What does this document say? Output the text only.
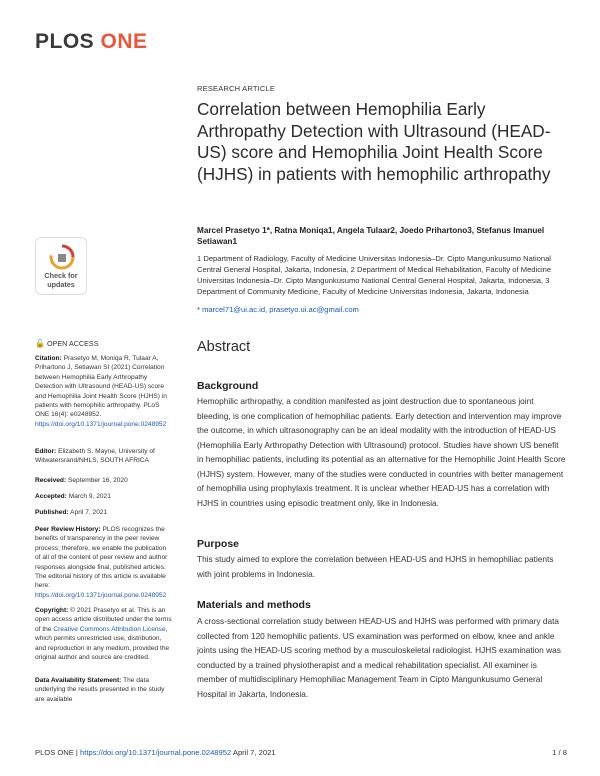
PLOS ONE
RESEARCH ARTICLE
Correlation between Hemophilia Early Arthropathy Detection with Ultrasound (HEAD-US) score and Hemophilia Joint Health Score (HJHS) in patients with hemophilic arthropathy
Marcel Prasetyo 1*, Ratna Moniqa1, Angela Tulaar2, Joedo Prihartono3, Stefanus Imanuel Setiawan1
1 Department of Radiology, Faculty of Medicine Universitas Indonesia–Dr. Cipto Mangunkusumo National Central General Hospital, Jakarta, Indonesia, 2 Department of Medical Rehabilitation, Faculty of Medicine Universitas Indonesia–Dr. Cipto Mangunkusumo National Central General Hospital, Jakarta, Indonesia, 3 Department of Community Medicine, Faculty of Medicine Universitas Indonesia, Jakarta, Indonesia
* marcel71@ui.ac.id, prasetyo.ui.ac@gmail.com
Check for
updates
🔓 OPEN ACCESS
Citation: Prasetyo M, Moniqa R, Tulaar A, Prihartono J, Setiawan SI (2021) Correlation between Hemophilia Early Arthropathy Detection with Ultrasound (HEAD-US) score and Hemophilia Joint Health Score (HJHS) in patients with hemophilic arthropathy. PLoS ONE 16(4): e0248952. https://doi.org/10.1371/journal.pone.0248952
Editor: Elizabeth S. Mayne, University of Witwatersrand/NHLS, SOUTH AFRICA
Received: September 16, 2020
Accepted: March 9, 2021
Published: April 7, 2021
Peer Review History: PLOS recognizes the benefits of transparency in the peer review process; therefore, we enable the publication of all of the content of peer review and author responses alongside final, published articles. The editorial history of this article is available here: https://doi.org/10.1371/journal.pone.0248952
Copyright: © 2021 Prasetyo et al. This is an open access article distributed under the terms of the Creative Commons Attribution License, which permits unrestricted use, distribution, and reproduction in any medium, provided the original author and source are credited.
Data Availability Statement: The data underlying the results presented in the study are available
Abstract
Background
Hemophilic arthropathy, a condition manifested as joint destruction due to spontaneous joint bleeding, is one complication of hemophiliac patients. Early detection and intervention may improve the outcome, in which ultrasonography can be an ideal modality with the introduction of HEAD-US (Hemophilia Early Arthropathy Detection with Ultrasound) protocol. Studies have shown US benefit in hemophiliac patients, including its potential as an alternative for the Hemophilic Joint Health Score (HJHS) system. However, many of the studies were conducted in countries with better management of hemophilia using prophylaxis treatment. It is unclear whether HEAD-US has a correlation with HJHS in countries using episodic treatment only, like in Indonesia.
Purpose
This study aimed to explore the correlation between HEAD-US and HJHS in hemophiliac patients with joint problems in Indonesia.
Materials and methods
A cross-sectional correlation study between HEAD-US and HJHS was performed with primary data collected from 120 hemophilic patients. US examination was performed on elbow, knee and ankle joints using the HEAD-US scoring method by a musculoskeletal radiologist. HJHS examination was conducted by a trained physiotherapist and a medical rehabilitation specialist. All examiner is member of multidisciplinary Hemophiliac Management Team in Cipto Mangunkusumo General Hospital in Jakarta, Indonesia.
PLOS ONE | https://doi.org/10.1371/journal.pone.0248952 April 7, 2021	1 / 8
